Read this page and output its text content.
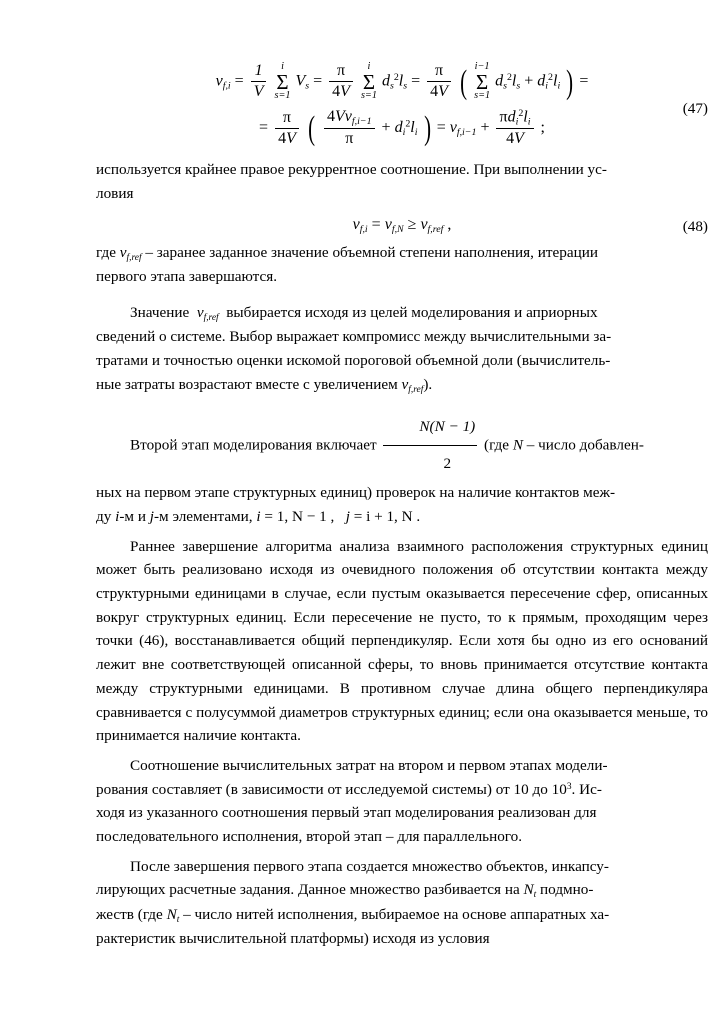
$v_{f,i} = \frac{1}{V}$
	i
Σ
s=1
$V_s = \frac{\pi}{4V}$
	i
Σ
s=1
$d_s^2l_s = \frac{\pi}{4V}$ ( i−1
Σ
s=1
$d_s^2l_s + d_i^2l_i$ ) = = $\frac{\pi}{4V}$ ( $\frac{4Vv_{f,i-1}}{\pi} + d_i^2l_i$ ) = $v_{f,i-1} + \frac{\pi d_i^2l_i}{4V}$ ;
(47)

используется крайнее правое рекуррентное соотношение. При выполнении ус-

ловия

$v_{f,i} = v_{f,N} \ge v_{f,ref}$ ,	(48)

где $v_{f,ref}$ – заранее заданное значение объемной степени наполнения, итерации

первого этапа завершаются.

Значение $v_{f,ref}$ выбирается исходя из целей моделирования и априорных

сведений о системе. Выбор выражает компромисс между вычислительными за-

тратами и точностью оценки искомой пороговой объемной доли (вычислитель-

ные затраты возрастают вместе с увеличением $v_{f,ref}$).

Второй этап моделирования включает $\frac{N(N - 1)}{2} (где$ N – число добавлен-

ных на первом этапе структурных единиц) проверок на наличие контактов меж-

ду i-м и j-м элементами, i = 1, N − 1 , j = i + 1, N .

Раннее завершение алгоритма анализа взаимного расположения структурных единиц может быть реализовано исходя из очевидного положения об отсутствии контакта между структурными единицами в случае, если пустым оказывается пересечение сфер, описанных вокруг структурных единиц. Если пересечение не пусто, то к прямым, проходящим через точки (46), восстанавливается общий перпендикуляр. Если хотя бы одно из его оснований лежит вне соответствующей описанной сферы, то вновь принимается отсутствие контакта между структурными единицами. В противном случае длина общего перпендикуляра сравнивается с полусуммой диаметров структурных единиц; если она оказывается меньше, то принимается наличие контакта.

Соотношение вычислительных затрат на втором и первом этапах модели-

рования составляет (в зависимости от исследуемой системы) от 10 до $10^3$. Ис-

ходя из указанного соотношения первый этап моделирования реализован для

последовательного исполнения, второй этап – для параллельного.

После завершения первого этапа создается множество объектов, инкапсу-

лирующих расчетные задания. Данное множество разбивается на $N_t$ подмно-

жеств (где $N_t$ – число нитей исполнения, выбираемое на основе аппаратных ха-

рактеристик вычислительной платформы) исходя из условия
